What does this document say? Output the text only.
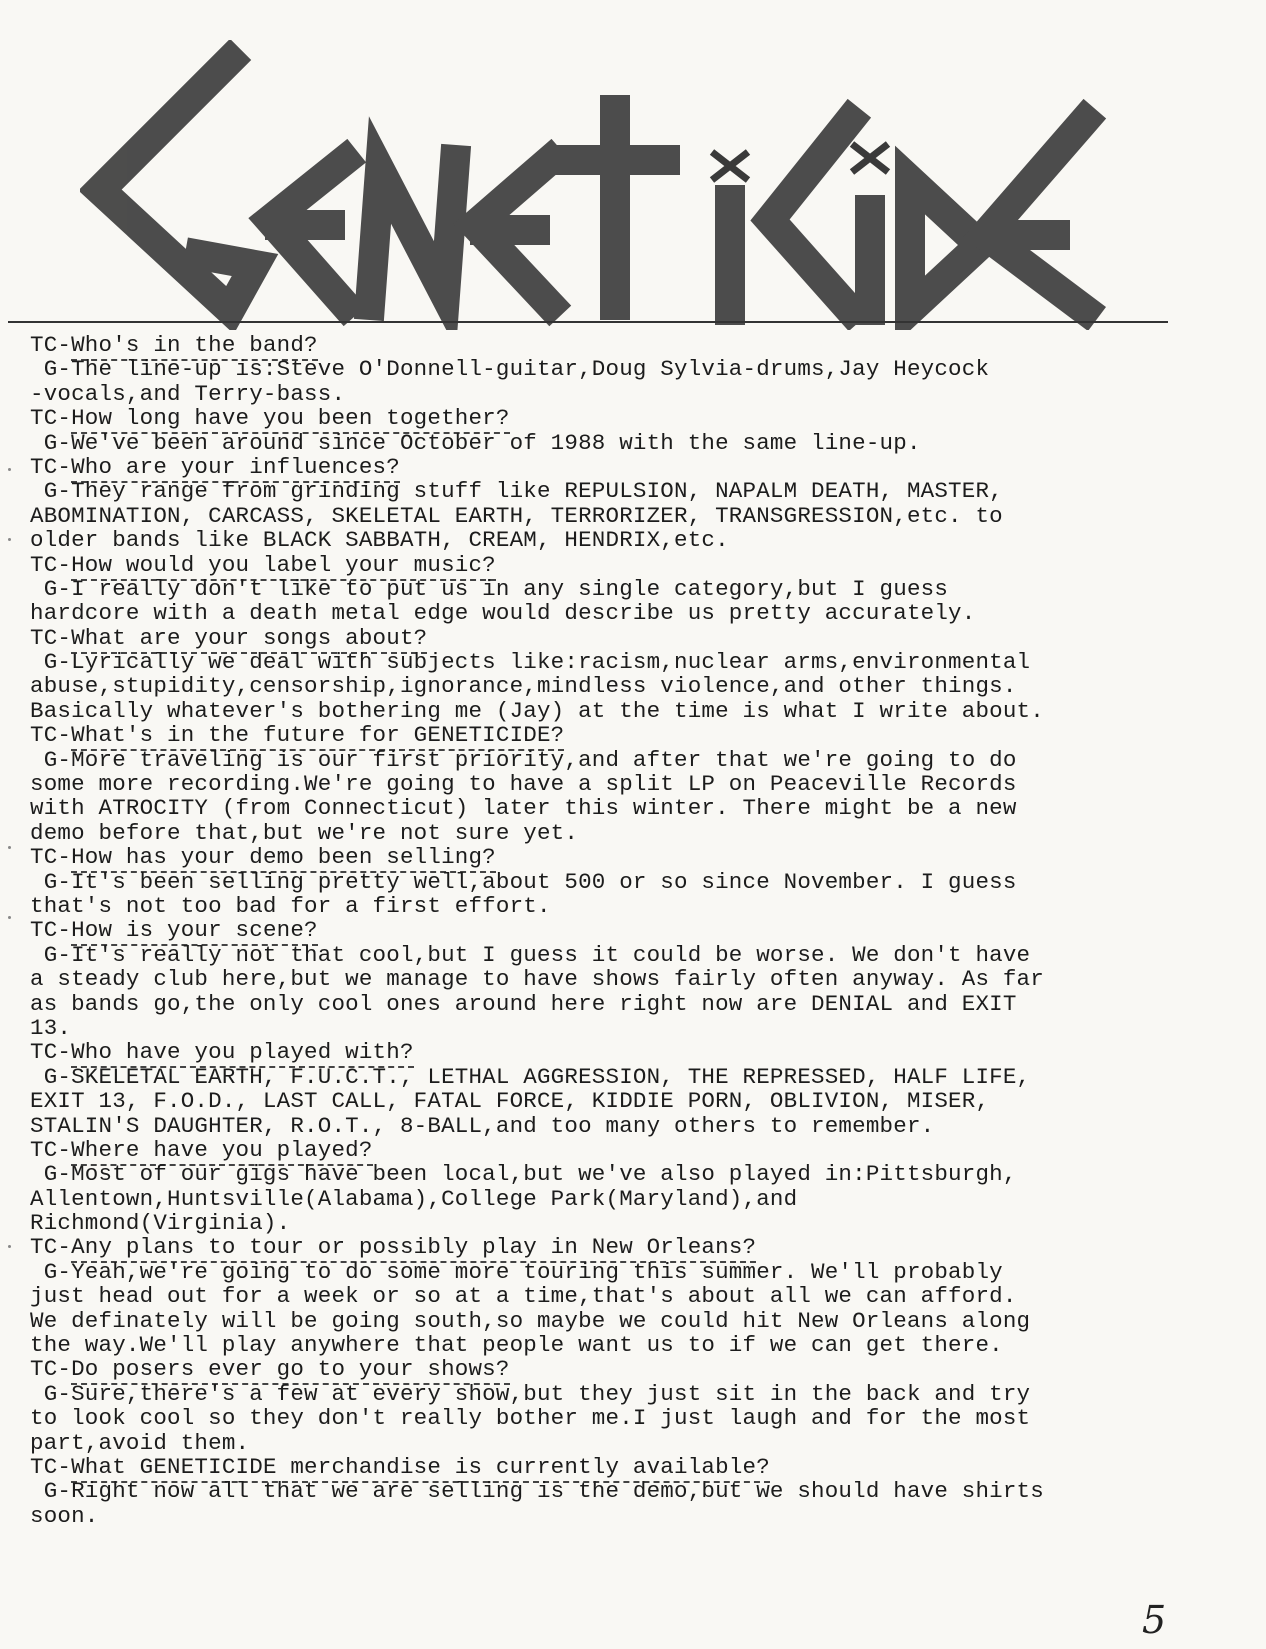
TC-Who's in the band?
G-The line-up is:Steve O'Donnell-guitar,Doug Sylvia-drums,Jay Heycock
-vocals,and Terry-bass.
TC-How long have you been together?
G-We've been around since October of 1988 with the same line-up.
TC-Who are your influences?
G-They range from grinding stuff like REPULSION, NAPALM DEATH, MASTER,
ABOMINATION, CARCASS, SKELETAL EARTH, TERRORIZER, TRANSGRESSION,etc. to
older bands like BLACK SABBATH, CREAM, HENDRIX,etc.
TC-How would you label your music?
G-I really don't like to put us in any single category,but I guess
hardcore with a death metal edge would describe us pretty accurately.
TC-What are your songs about?
G-Lyrically we deal with subjects like:racism,nuclear arms,environmental
abuse,stupidity,censorship,ignorance,mindless violence,and other things.
Basically whatever's bothering me (Jay) at the time is what I write about.
TC-What's in the future for GENETICIDE?
G-More traveling is our first priority,and after that we're going to do
some more recording.We're going to have a split LP on Peaceville Records
with ATROCITY (from Connecticut) later this winter. There might be a new
demo before that,but we're not sure yet.
TC-How has your demo been selling?
G-It's been selling pretty well,about 500 or so since November. I guess
that's not too bad for a first effort.
TC-How is your scene?
G-It's really not that cool,but I guess it could be worse. We don't have
a steady club here,but we manage to have shows fairly often anyway. As far
as bands go,the only cool ones around here right now are DENIAL and EXIT
13.
TC-Who have you played with?
G-SKELETAL EARTH, F.U.C.T., LETHAL AGGRESSION, THE REPRESSED, HALF LIFE,
EXIT 13, F.O.D., LAST CALL, FATAL FORCE, KIDDIE PORN, OBLIVION, MISER,
STALIN'S DAUGHTER, R.O.T., 8-BALL,and too many others to remember.
TC-Where have you played?
G-Most of our gigs have been local,but we've also played in:Pittsburgh,
Allentown,Huntsville(Alabama),College Park(Maryland),and
Richmond(Virginia).
TC-Any plans to tour or possibly play in New Orleans?
G-Yeah,we're going to do some more touring this summer. We'll probably
just head out for a week or so at a time,that's about all we can afford.
We definately will be going south,so maybe we could hit New Orleans along
the way.We'll play anywhere that people want us to if we can get there.
TC-Do posers ever go to your shows?
G-Sure,there's a few at every show,but they just sit in the back and try
to look cool so they don't really bother me.I just laugh and for the most
part,avoid them.
TC-What GENETICIDE merchandise is currently available?
G-Right now all that we are selling is the demo,but we should have shirts
soon.
5
